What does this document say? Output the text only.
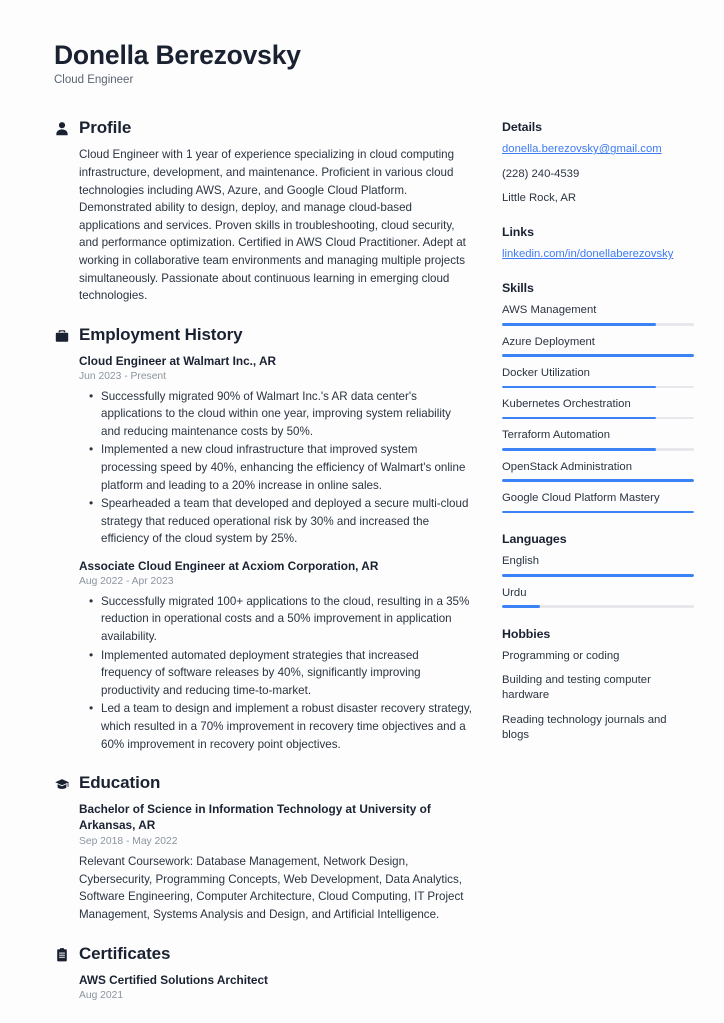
Donella Berezovsky
Cloud Engineer
Profile
Cloud Engineer with 1 year of experience specializing in cloud computing infrastructure, development, and maintenance. Proficient in various cloud technologies including AWS, Azure, and Google Cloud Platform. Demonstrated ability to design, deploy, and manage cloud-based applications and services. Proven skills in troubleshooting, cloud security, and performance optimization. Certified in AWS Cloud Practitioner. Adept at working in collaborative team environments and managing multiple projects simultaneously. Passionate about continuous learning in emerging cloud technologies.
Employment History
Cloud Engineer at Walmart Inc., AR
Jun 2023 - Present
• Successfully migrated 90% of Walmart Inc.'s AR data center's applications to the cloud within one year, improving system reliability and reducing maintenance costs by 50%.
• Implemented a new cloud infrastructure that improved system processing speed by 40%, enhancing the efficiency of Walmart's online platform and leading to a 20% increase in online sales.
• Spearheaded a team that developed and deployed a secure multi-cloud strategy that reduced operational risk by 30% and increased the efficiency of the cloud system by 25%.
Associate Cloud Engineer at Acxiom Corporation, AR
Aug 2022 - Apr 2023
• Successfully migrated 100+ applications to the cloud, resulting in a 35% reduction in operational costs and a 50% improvement in application availability.
• Implemented automated deployment strategies that increased frequency of software releases by 40%, significantly improving productivity and reducing time-to-market.
• Led a team to design and implement a robust disaster recovery strategy, which resulted in a 70% improvement in recovery time objectives and a 60% improvement in recovery point objectives.
Education
Bachelor of Science in Information Technology at University of Arkansas, AR
Sep 2018 - May 2022
Relevant Coursework: Database Management, Network Design, Cybersecurity, Programming Concepts, Web Development, Data Analytics, Software Engineering, Computer Architecture, Cloud Computing, IT Project Management, Systems Analysis and Design, and Artificial Intelligence.
Certificates
AWS Certified Solutions Architect
Aug 2021
Details
donella.berezovsky@gmail.com
(228) 240-4539
Little Rock, AR
Links
linkedin.com/in/donellaberezovsky
Skills
AWS Management
Azure Deployment
Docker Utilization
Kubernetes Orchestration
Terraform Automation
OpenStack Administration
Google Cloud Platform Mastery
Languages
English
Urdu
Hobbies
Programming or coding
Building and testing computer hardware
Reading technology journals and blogs
